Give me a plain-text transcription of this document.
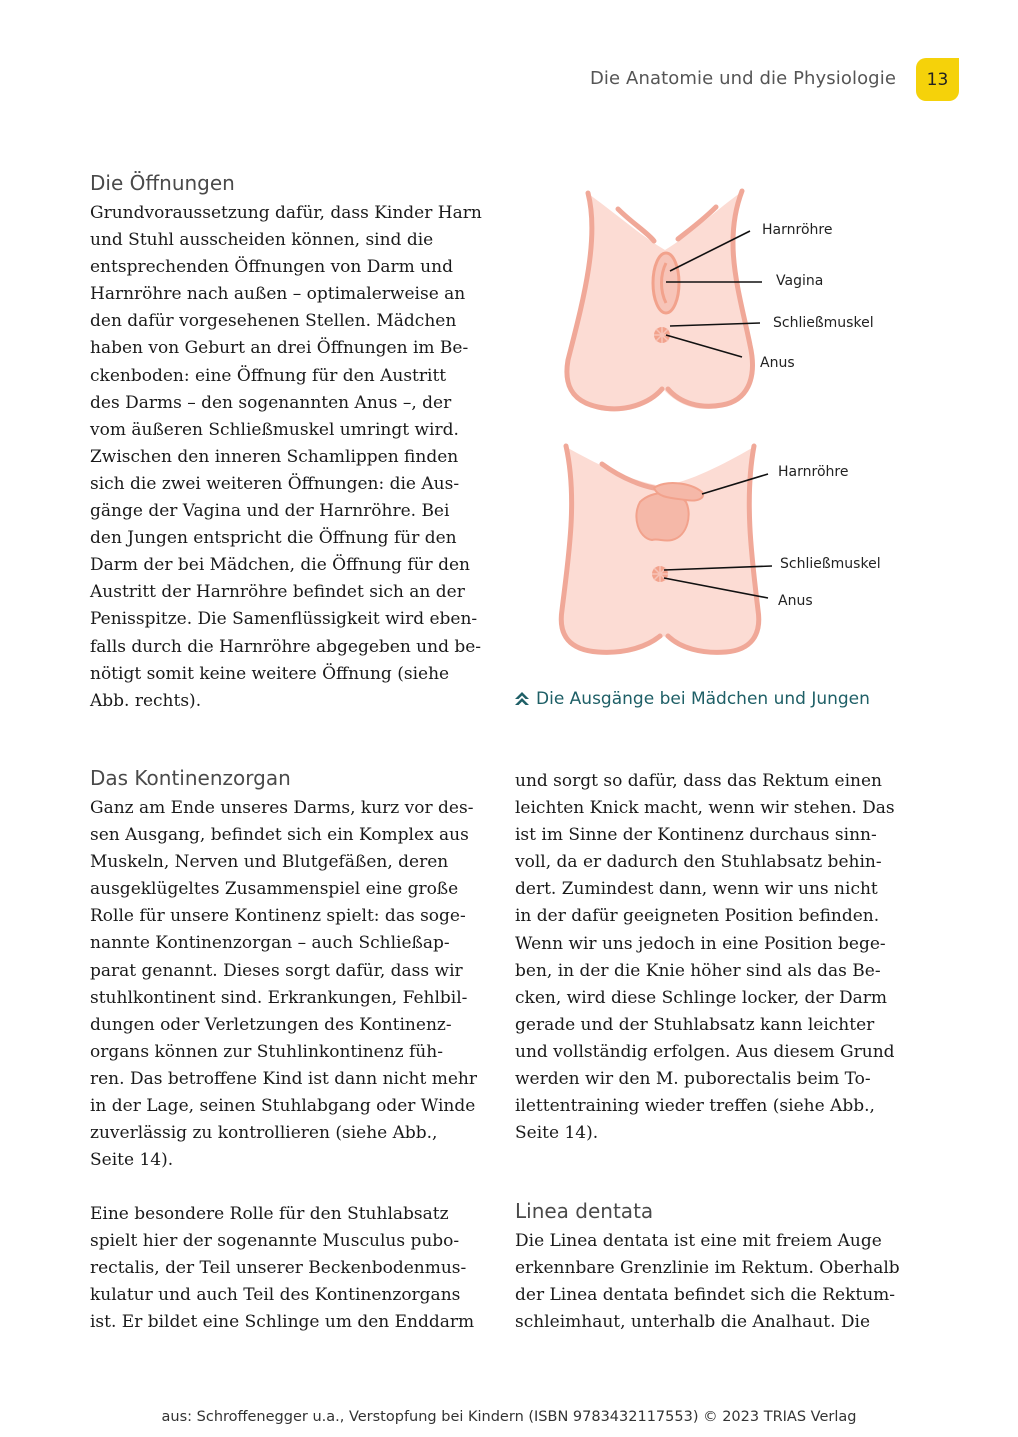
Die Anatomie und die Physiologie	13
Die Öffnungen
Grundvoraussetzung dafür, dass Kinder Harn
und Stuhl ausscheiden können, sind die
entsprechenden Öffnungen von Darm und
Harnröhre nach außen – optimalerweise an
den dafür vorgesehenen Stellen. Mädchen
haben von Geburt an drei Öffnungen im Be-
ckenboden: eine Öffnung für den Austritt
des Darms – den sogenannten Anus –, der
vom äußeren Schließmuskel umringt wird.
Zwischen den inneren Schamlippen finden
sich die zwei weiteren Öffnungen: die Aus-
gänge der Vagina und der Harnröhre. Bei
den Jungen entspricht die Öffnung für den
Darm der bei Mädchen, die Öffnung für den
Austritt der Harnröhre befindet sich an der
Penisspitze. Die Samenflüssigkeit wird eben-
falls durch die Harnröhre abgegeben und be-
nötigt somit keine weitere Öffnung (siehe
Abb. rechts).
Harnröhre
Vagina
Schließmuskel
Anus
Harnröhre
Schließmuskel
Anus
Die Ausgänge bei Mädchen und Jungen
Das Kontinenzorgan
Ganz am Ende unseres Darms, kurz vor des-
sen Ausgang, befindet sich ein Komplex aus
Muskeln, Nerven und Blutgefäßen, deren
ausgeklügeltes Zusammenspiel eine große
Rolle für unsere Kontinenz spielt: das soge-
nannte Kontinenzorgan – auch Schließap-
parat genannt. Dieses sorgt dafür, dass wir
stuhlkontinent sind. Erkrankungen, Fehlbil-
dungen oder Verletzungen des Kontinenz-
organs können zur Stuhlinkontinenz füh-
ren. Das betroffene Kind ist dann nicht mehr
in der Lage, seinen Stuhlabgang oder Winde
zuverlässig zu kontrollieren (siehe Abb.,
Seite 14).
Eine besondere Rolle für den Stuhlabsatz
spielt hier der sogenannte Musculus pubo-
rectalis, der Teil unserer Beckenbodenmus-
kulatur und auch Teil des Kontinenzorgans
ist. Er bildet eine Schlinge um den Enddarm
und sorgt so dafür, dass das Rektum einen
leichten Knick macht, wenn wir stehen. Das
ist im Sinne der Kontinenz durchaus sinn-
voll, da er dadurch den Stuhlabsatz behin-
dert. Zumindest dann, wenn wir uns nicht
in der dafür geeigneten Position befinden.
Wenn wir uns jedoch in eine Position bege-
ben, in der die Knie höher sind als das Be-
cken, wird diese Schlinge locker, der Darm
gerade und der Stuhlabsatz kann leichter
und vollständig erfolgen. Aus diesem Grund
werden wir den M. puborectalis beim To-
ilettentraining wieder treffen (siehe Abb.,
Seite 14).
Linea dentata
Die Linea dentata ist eine mit freiem Auge
erkennbare Grenzlinie im Rektum. Oberhalb
der Linea dentata befindet sich die Rektum-
schleimhaut, unterhalb die Analhaut. Die
aus: Schroffenegger u.a., Verstopfung bei Kindern (ISBN 9783432117553) © 2023 TRIAS Verlag
